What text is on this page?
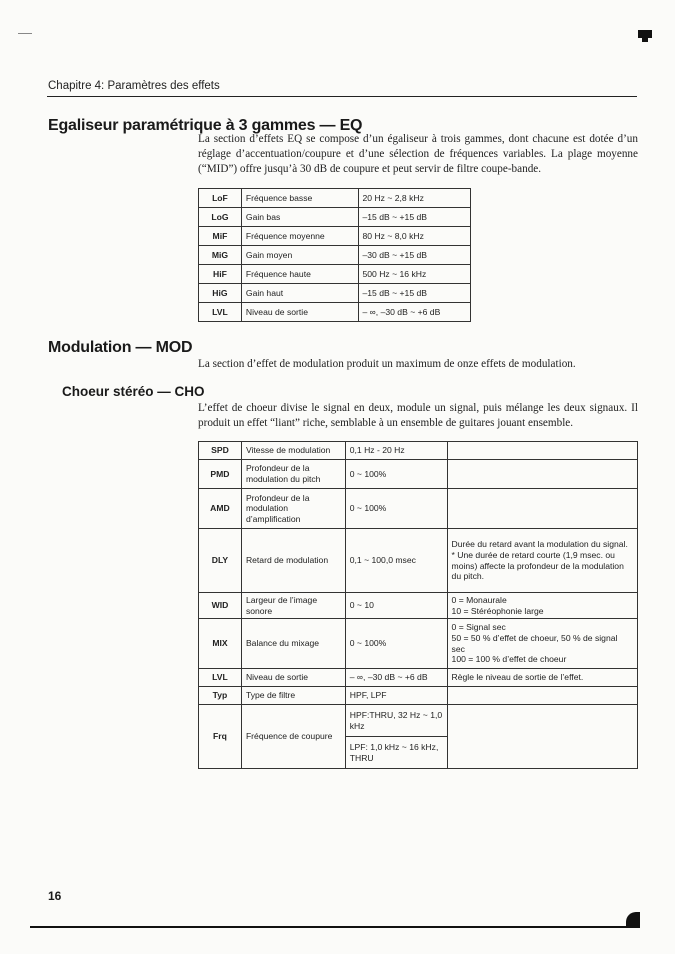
Chapitre 4: Paramètres des effets
Egaliseur paramétrique à 3 gammes — EQ
La section d’effets EQ se compose d’un égaliseur à trois gammes, dont chacune est dotée d’un réglage d’accentuation/coupure et d’une sélection de fréquences variables. La plage moyenne (“MID”) offre jusqu’à 30 dB de coupure et peut servir de filtre coupe-bande.
LoF	Fréquence basse	20 Hz ~ 2,8 kHz
LoG	Gain bas	–15 dB ~ +15 dB
MiF	Fréquence moyenne	80 Hz ~ 8,0 kHz
MiG	Gain moyen	–30 dB ~ +15 dB
HiF	Fréquence haute	500 Hz ~ 16 kHz
HiG	Gain haut	–15 dB ~ +15 dB
LVL	Niveau de sortie	– ∞, –30 dB ~ +6 dB
Modulation — MOD
La section d’effet de modulation produit un maximum de onze effets de modulation.
Choeur stéréo — CHO
L’effet de choeur divise le signal en deux, module un signal, puis mélange les deux signaux. Il produit un effet “liant” riche, semblable à un ensemble de guitares jouant ensemble.
SPD	Vitesse de modulation	0,1 Hz - 20 Hz	
PMD	Profondeur de la modulation du pitch	0 ~ 100%	
AMD	Profondeur de la modulation d’amplification	0 ~ 100%	
DLY	Retard de modulation	0,1 ~ 100,0 msec	Durée du retard avant la modulation du signal.
* Une durée de retard courte (1,9 msec. ou moins) affecte la profondeur de la modulation du pitch.

WID	Largeur de l’image sonore	0 ~ 10	0 = Monaurale
10 = Stéréophonie large

MIX	Balance du mixage	0 ~ 100%	0 = Signal sec
50 = 50 % d’effet de choeur, 50 % de signal sec
100 = 100 % d’effet de choeur

LVL	Niveau de sortie	– ∞, –30 dB ~ +6 dB	Règle le niveau de sortie de l’effet.
Typ	Type de filtre	HPF, LPF	
Frq	Fréquence de coupure	HPF:THRU, 32 Hz ~ 1,0 kHz
LPF: 1,0 kHz ~ 16 kHz, THRU	

16
